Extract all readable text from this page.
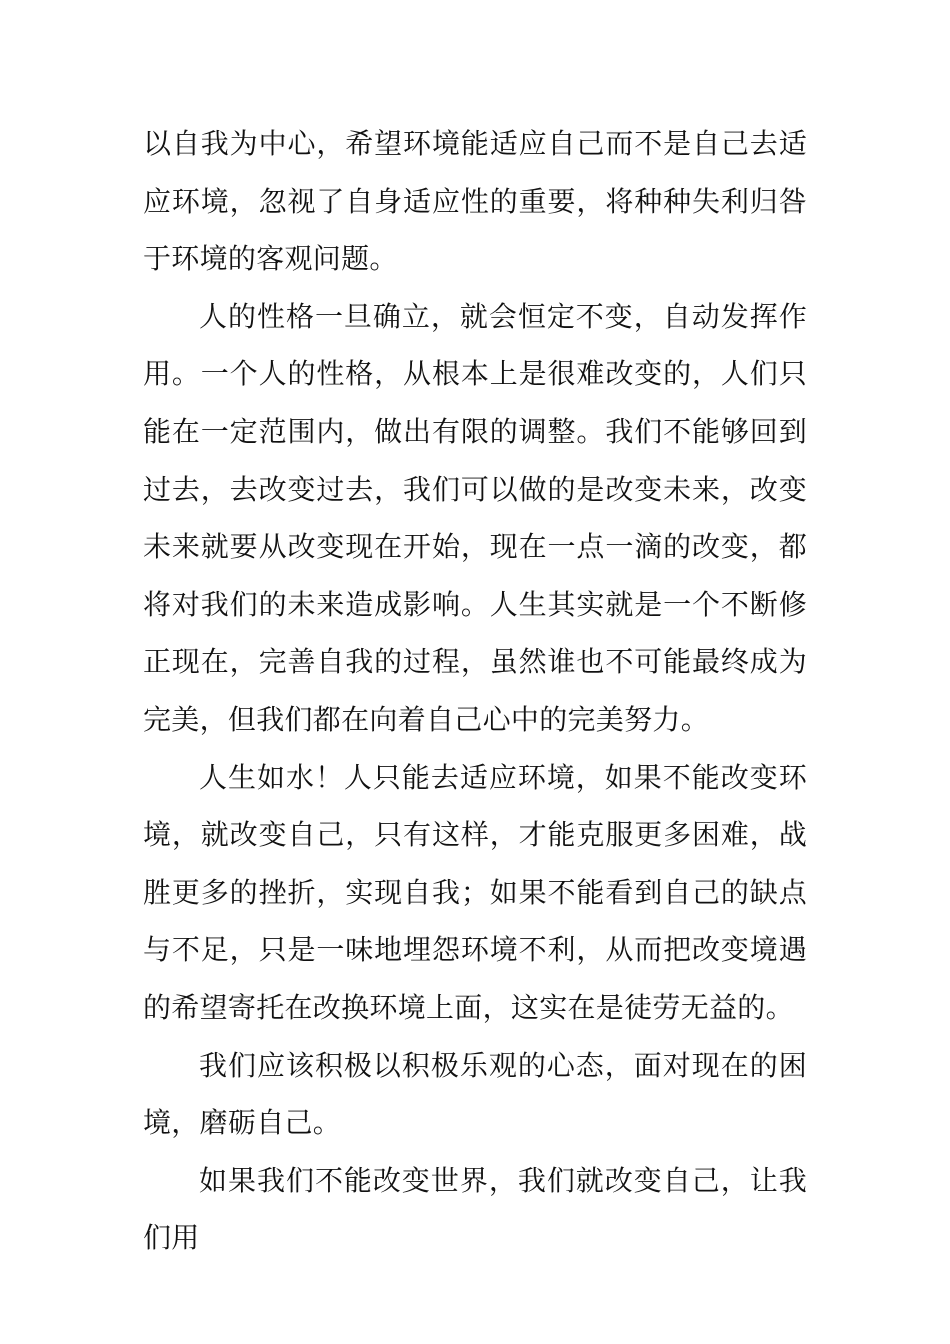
以自我为中心，希望环境能适应自己而不是自己去适应环境，忽视了自身适应性的重要，将种种失利归咎于环境的客观问题。

人的性格一旦确立，就会恒定不变，自动发挥作用。一个人的性格，从根本上是很难改变的，人们只能在一定范围内，做出有限的调整。我们不能够回到过去，去改变过去，我们可以做的是改变未来，改变未来就要从改变现在开始，现在一点一滴的改变，都将对我们的未来造成影响。人生其实就是一个不断修正现在，完善自我的过程，虽然谁也不可能最终成为完美，但我们都在向着自己心中的完美努力。

人生如水！人只能去适应环境，如果不能改变环境，就改变自己，只有这样，才能克服更多困难，战胜更多的挫折，实现自我；如果不能看到自己的缺点与不足，只是一味地埋怨环境不利，从而把改变境遇的希望寄托在改换环境上面，这实在是徒劳无益的。

我们应该积极以积极乐观的心态，面对现在的困境，磨砺自己。

如果我们不能改变世界，我们就改变自己，让我们用
